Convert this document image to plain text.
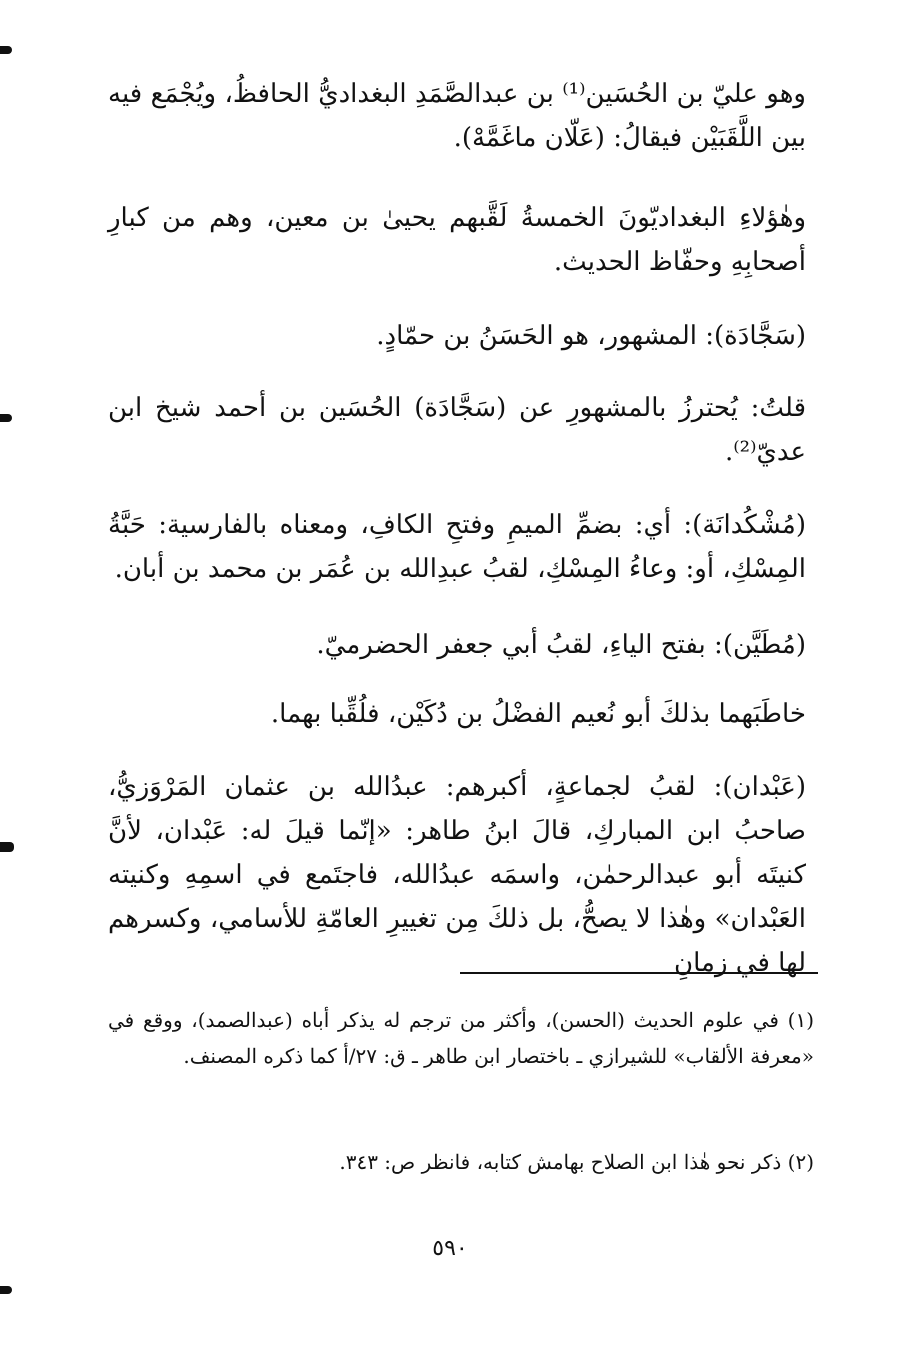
وهو عليّ بن الحُسَين⁽¹⁾ بن عبدالصَّمَدِ البغداديُّ الحافظُ، ويُجْمَع فيه بين اللَّقَبَيْن فيقالُ: (عَلّان ماغَمَّهْ).
وهٰؤلاءِ البغداديّونَ الخمسةُ لَقَّبهم يحيىٰ بن معين، وهم من كبارِ أصحابِهِ وحفّاظ الحديث.
(سَجَّادَة): المشهور، هو الحَسَنُ بن حمّادٍ.
قلتُ: يُحترزُ بالمشهورِ عن (سَجَّادَة) الحُسَين بن أحمد شيخ ابن عديّ⁽²⁾.
(مُشْكُدانَة): أي: بضمِّ الميمِ وفتحِ الكافِ، ومعناه بالفارسية: حَبَّةُ المِسْكِ، أو: وعاءُ المِسْكِ، لقبُ عبدِالله بن عُمَر بن محمد بن أبان.
(مُطَيَّن): بفتح الياءِ، لقبُ أبي جعفر الحضرميّ.
خاطَبَهما بذلكَ أبو نُعيم الفضْلُ بن دُكَيْن، فلُقِّبا بهما.
(عَبْدان): لقبُ لجماعةٍ، أكبرهم: عبدُالله بن عثمان المَرْوَزيُّ، صاحبُ ابن المباركِ، قالَ ابنُ طاهر: «إنّما قيلَ له: عَبْدان، لأنَّ كنيتَه أبو عبدالرحمٰن، واسمَه عبدُالله، فاجتَمع في اسمِهِ وكنيته العَبْدان» وهٰذا لا يصحُّ، بل ذلكَ مِن تغييرِ العامّةِ للأسامي، وكسرهم لها في زمانِ
(١) في علوم الحديث (الحسن)، وأكثر من ترجم له يذكر أباه (عبدالصمد)، ووقع في «معرفة الألقاب» للشيرازي ـ باختصار ابن طاهر ـ ق: ٢٧/أ كما ذكره المصنف.
(٢) ذكر نحو هٰذا ابن الصلاح بهامش كتابه، فانظر ص: ٣٤٣.
٥٩٠
